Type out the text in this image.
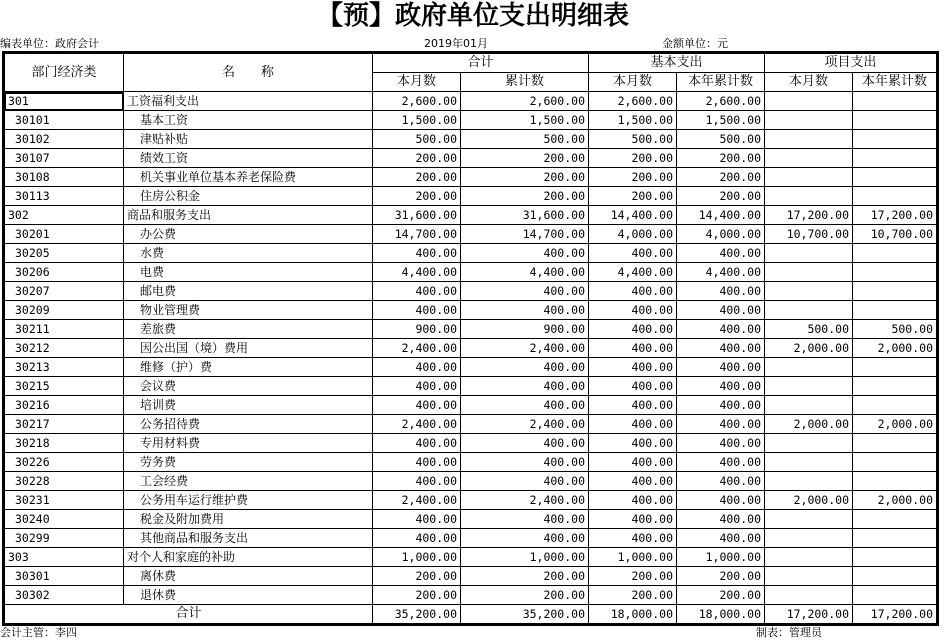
【预】政府单位支出明细表
编表单位：政府会计	2019年01月	金额单位：元
部门经济类	名　　称	合计		基本支出		项目支出	
		本月数	累计数	本月数	本年累计数	本月数	本年累计数
301	工资福利支出	2,600.00	2,600.00	2,600.00	2,600.00		
30101	基本工资	1,500.00	1,500.00	1,500.00	1,500.00		
30102	津贴补贴	500.00	500.00	500.00	500.00		
30107	绩效工资	200.00	200.00	200.00	200.00		
30108	机关事业单位基本养老保险费	200.00	200.00	200.00	200.00		
30113	住房公积金	200.00	200.00	200.00	200.00		
302	商品和服务支出	31,600.00	31,600.00	14,400.00	14,400.00	17,200.00	17,200.00
30201	办公费	14,700.00	14,700.00	4,000.00	4,000.00	10,700.00	10,700.00
30205	水费	400.00	400.00	400.00	400.00		
30206	电费	4,400.00	4,400.00	4,400.00	4,400.00		
30207	邮电费	400.00	400.00	400.00	400.00		
30209	物业管理费	400.00	400.00	400.00	400.00		
30211	差旅费	900.00	900.00	400.00	400.00	500.00	500.00
30212	因公出国（境）费用	2,400.00	2,400.00	400.00	400.00	2,000.00	2,000.00
30213	维修（护）费	400.00	400.00	400.00	400.00		
30215	会议费	400.00	400.00	400.00	400.00		
30216	培训费	400.00	400.00	400.00	400.00		
30217	公务招待费	2,400.00	2,400.00	400.00	400.00	2,000.00	2,000.00
30218	专用材料费	400.00	400.00	400.00	400.00		
30226	劳务费	400.00	400.00	400.00	400.00		
30228	工会经费	400.00	400.00	400.00	400.00		
30231	公务用车运行维护费	2,400.00	2,400.00	400.00	400.00	2,000.00	2,000.00
30240	税金及附加费用	400.00	400.00	400.00	400.00		
30299	其他商品和服务支出	400.00	400.00	400.00	400.00		
303	对个人和家庭的补助	1,000.00	1,000.00	1,000.00	1,000.00		
30301	离休费	200.00	200.00	200.00	200.00		
30302	退休费	200.00	200.00	200.00	200.00		
合计		35,200.00	35,200.00	18,000.00	18,000.00	17,200.00	17,200.00
会计主管：李四	制表：管理员
